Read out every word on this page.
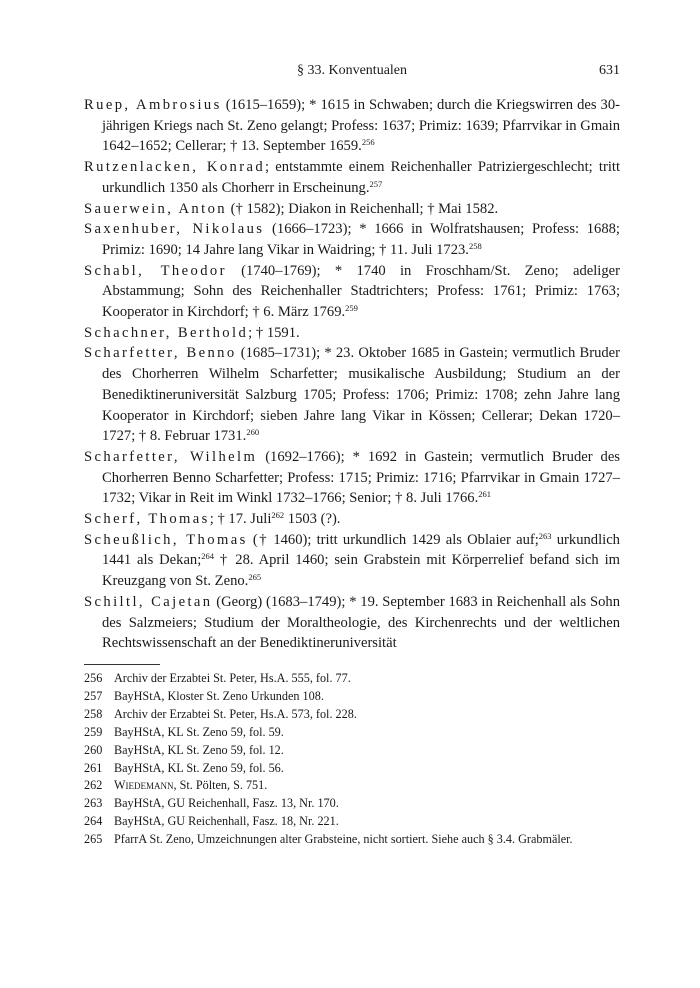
§ 33. Konventualen	631

Ruep, Ambrosius (1615–1659); * 1615 in Schwaben; durch die Kriegswirren des 30-jährigen Kriegs nach St. Zeno gelangt; Profess: 1637; Primiz: 1639; Pfarrvikar in Gmain 1642–1652; Cellerar; † 13. September 1659.$^{256}$

Rutzenlacken, Konrad; entstammte einem Reichenhaller Patriziergeschlecht; tritt urkundlich 1350 als Chorherr in Erscheinung.$^{257}$

Sauerwein, Anton († 1582); Diakon in Reichenhall; † Mai 1582.

Saxenhuber, Nikolaus (1666–1723); * 1666 in Wolfratshausen; Profess: 1688; Primiz: 1690; 14 Jahre lang Vikar in Waidring; † 11. Juli 1723.$^{258}$

Schabl, Theodor (1740–1769); * 1740 in Froschham/St. Zeno; adeliger Abstammung; Sohn des Reichenhaller Stadtrichters; Profess: 1761; Primiz: 1763; Kooperator in Kirchdorf; † 6. März 1769.$^{259}$

Schachner, Berthold; † 1591.

Scharfetter, Benno (1685–1731); * 23. Oktober 1685 in Gastein; vermutlich Bruder des Chorherren Wilhelm Scharfetter; musikalische Ausbildung; Studium an der Benediktineruniversität Salzburg 1705; Profess: 1706; Primiz: 1708; zehn Jahre lang Kooperator in Kirchdorf; sieben Jahre lang Vikar in Kössen; Cellerar; Dekan 1720–1727; † 8. Februar 1731.$^{260}$

Scharfetter, Wilhelm (1692–1766); * 1692 in Gastein; vermutlich Bruder des Chorherren Benno Scharfetter; Profess: 1715; Primiz: 1716; Pfarrvikar in Gmain 1727–1732; Vikar in Reit im Winkl 1732–1766; Senior; † 8. Juli 1766.$^{261}$

Scherf, Thomas; † 17. Juli$^{262}$ 1503 (?).

Scheußlich, Thomas († 1460); tritt urkundlich 1429 als Oblaier auf;$^{263}$ urkundlich 1441 als Dekan;$^{264}$ † 28. April 1460; sein Grabstein mit Körperrelief befand sich im Kreuzgang von St. Zeno.$^{265}$

Schiltl, Cajetan (Georg) (1683–1749); * 19. September 1683 in Reichenhall als Sohn des Salzmeiers; Studium der Moraltheologie, des Kirchenrechts und der weltlichen Rechtswissenschaft an der Benediktineruniversität

256 Archiv der Erzabtei St. Peter, Hs.A. 555, fol. 77.

257 BayHStA, Kloster St. Zeno Urkunden 108.

258 Archiv der Erzabtei St. Peter, Hs.A. 573, fol. 228.

259 BayHStA, KL St. Zeno 59, fol. 59.

260 BayHStA, KL St. Zeno 59, fol. 12.

261 BayHStA, KL St. Zeno 59, fol. 56.

262 Wiedemann, St. Pölten, S. 751.

263 BayHStA, GU Reichenhall, Fasz. 13, Nr. 170.

264 BayHStA, GU Reichenhall, Fasz. 18, Nr. 221.

265 PfarrA St. Zeno, Umzeichnungen alter Grabsteine, nicht sortiert. Siehe auch § 3.4. Grabmäler.
